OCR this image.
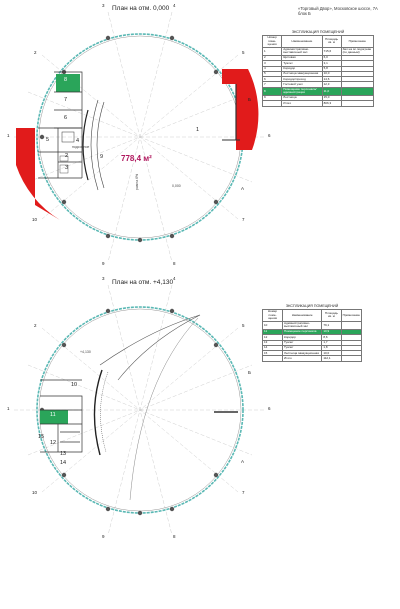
«Торговый Двор», Московское шоссе, 7А
блок Б
План на отм. 0,000
План на отм. +4,130
778,4 м²
8
7
6
5	4
2
3
1
9
подсобное
0,000
рампа 6%
1
2
3	4
5
6
7
8
9
10
А
Б
10
11
15
12
13
14
+4,130
1
2
3	4
5
6
7
8
9
10
А
Б
ЭКСПЛИКАЦИЯ ПОМЕЩЕНИЙ
Номер поме-щения	Наименование	Площадь кв. м	Примечание
1	Административно-выставочный зал	715,6	Зал на эл.подогреве (по данным)
2	Щитовая	6,0	
3	Туалет	3,1	
4	Коридор	5,8	
5	Лестница эвакуационная	10,0	
6	Коридор/проход	14,6	
7	Гостевой узел	12,3	
8	Помещение персонала/администрации	11,0	
9	Лестница	15,0	
	Итого	806,3	
ЭКСПЛИКАЦИЯ ПОМЕЩЕНИЙ
Номер поме-щения	Наименование	Площадь кв. м	Примечание
10	Административно-выставочный зал	79,1	
11	Помещение персонала	10,9	
12	Коридор	8,6	
13	Туалет	1,7	
14	Туалет	1,8	
15	Лестница эвакуационная	10,0	
	Итого	112,1	
